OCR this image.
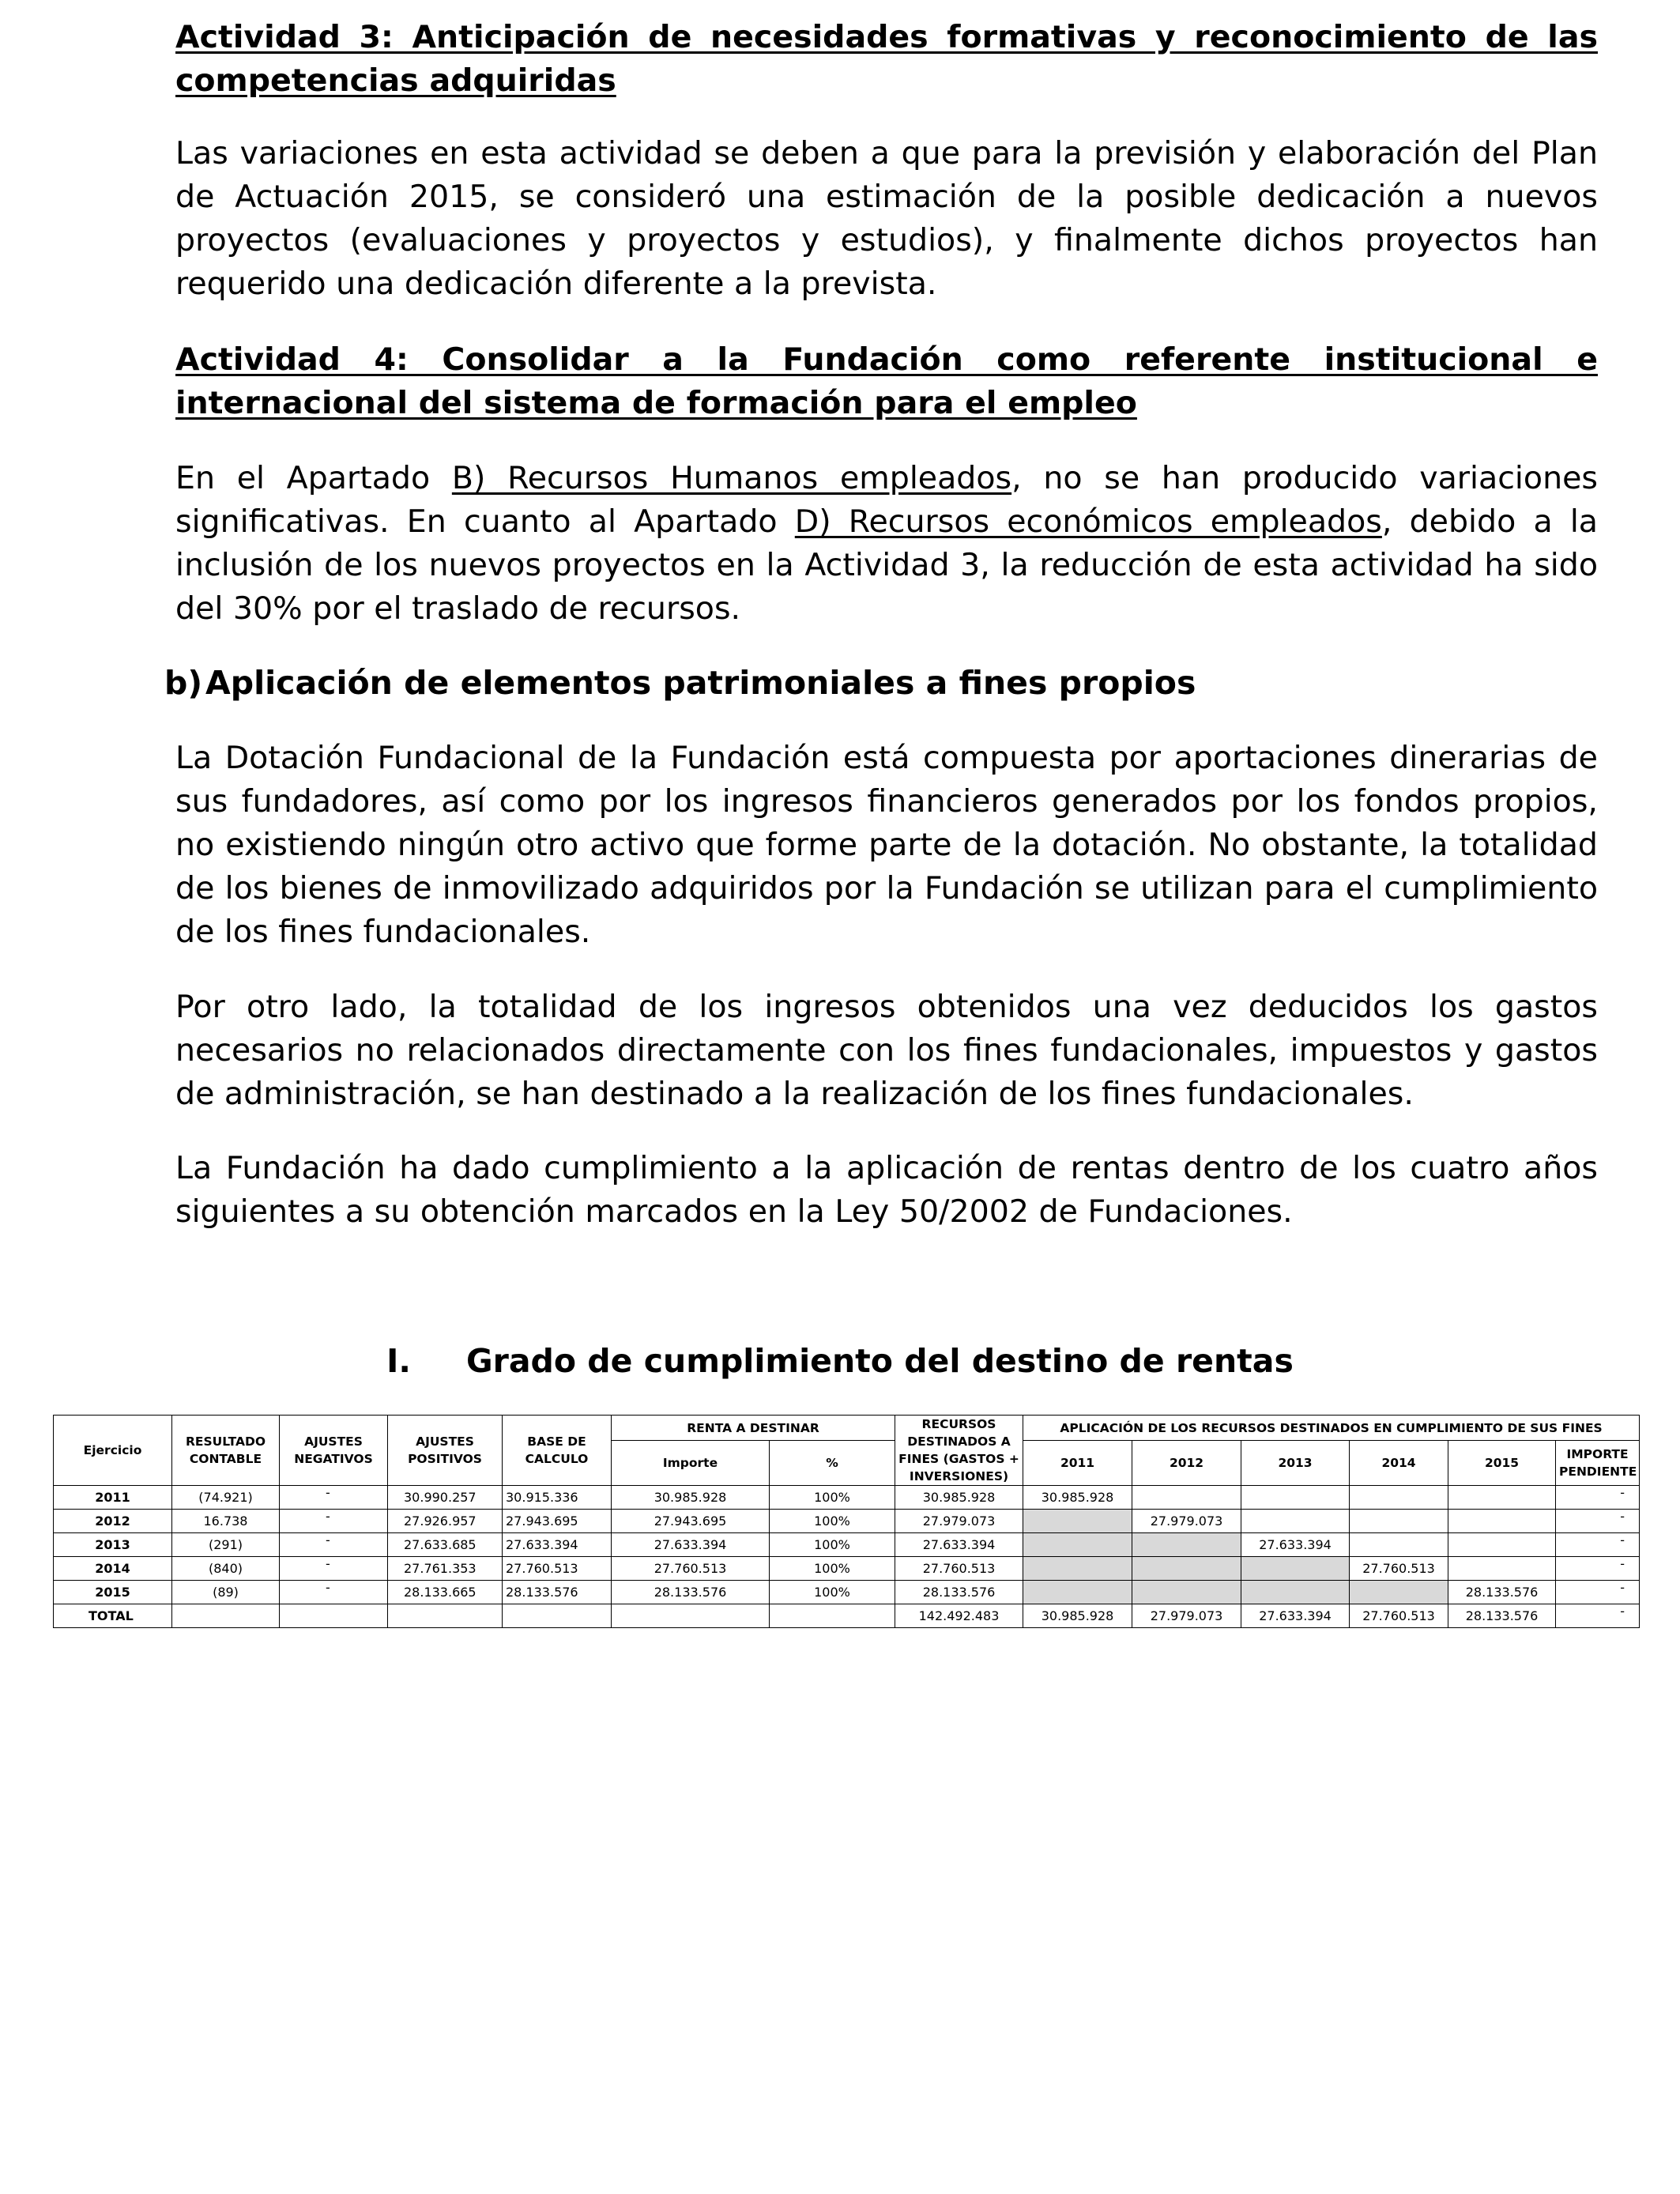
Actividad 3: Anticipación de necesidades formativas y reconocimiento de las competencias adquiridas
Las variaciones en esta actividad se deben a que para la previsión y elaboración del Plan de Actuación 2015, se consideró una estimación de la posible dedicación a nuevos proyectos (evaluaciones y proyectos y estudios), y finalmente dichos proyectos han requerido una dedicación diferente a la prevista.
Actividad 4: Consolidar a la Fundación como referente institucional e internacional del sistema de formación para el empleo
En el Apartado B) Recursos Humanos empleados, no se han producido variaciones significativas. En cuanto al Apartado D) Recursos económicos empleados, debido a la inclusión de los nuevos proyectos en la Actividad 3, la reducción de esta actividad ha sido del 30% por el traslado de recursos.
b)Aplicación de elementos patrimoniales a fines propios
La Dotación Fundacional de la Fundación está compuesta por aportaciones dinerarias de sus fundadores, así como por los ingresos financieros generados por los fondos propios, no existiendo ningún otro activo que forme parte de la dotación. No obstante, la totalidad de los bienes de inmovilizado adquiridos por la Fundación se utilizan para el cumplimiento de los fines fundacionales.
Por otro lado, la totalidad de los ingresos obtenidos una vez deducidos los gastos necesarios no relacionados directamente con los fines fundacionales, impuestos y gastos de administración, se han destinado a la realización de los fines fundacionales.
La Fundación ha dado cumplimiento a la aplicación de rentas dentro de los cuatro años siguientes a su obtención marcados en la Ley 50/2002 de Fundaciones.
I. Grado de cumplimiento del destino de rentas
Ejercicio	RESULTADO CONTABLE	AJUSTES NEGATIVOS	AJUSTES POSITIVOS	BASE DE CALCULO	RENTA A DESTINAR		RECURSOS DESTINADOS A FINES (GASTOS + INVERSIONES)	APLICACIÓN DE LOS RECURSOS DESTINADOS EN CUMPLIMIENTO DE SUS FINES					
					Importe	%		2011	2012	2013	2014	2015	IMPORTE PENDIENTE
2011	(74.921)	-	30.990.257	30.915.336	30.985.928	100%	30.985.928	30.985.928					-
2012	16.738	-	27.926.957	27.943.695	27.943.695	100%	27.979.073		27.979.073				-
2013	(291)	-	27.633.685	27.633.394	27.633.394	100%	27.633.394			27.633.394			-
2014	(840)	-	27.761.353	27.760.513	27.760.513	100%	27.760.513				27.760.513		-
2015	(89)	-	28.133.665	28.133.576	28.133.576	100%	28.133.576					28.133.576	-
TOTAL							142.492.483	30.985.928	27.979.073	27.633.394	27.760.513	28.133.576	-
